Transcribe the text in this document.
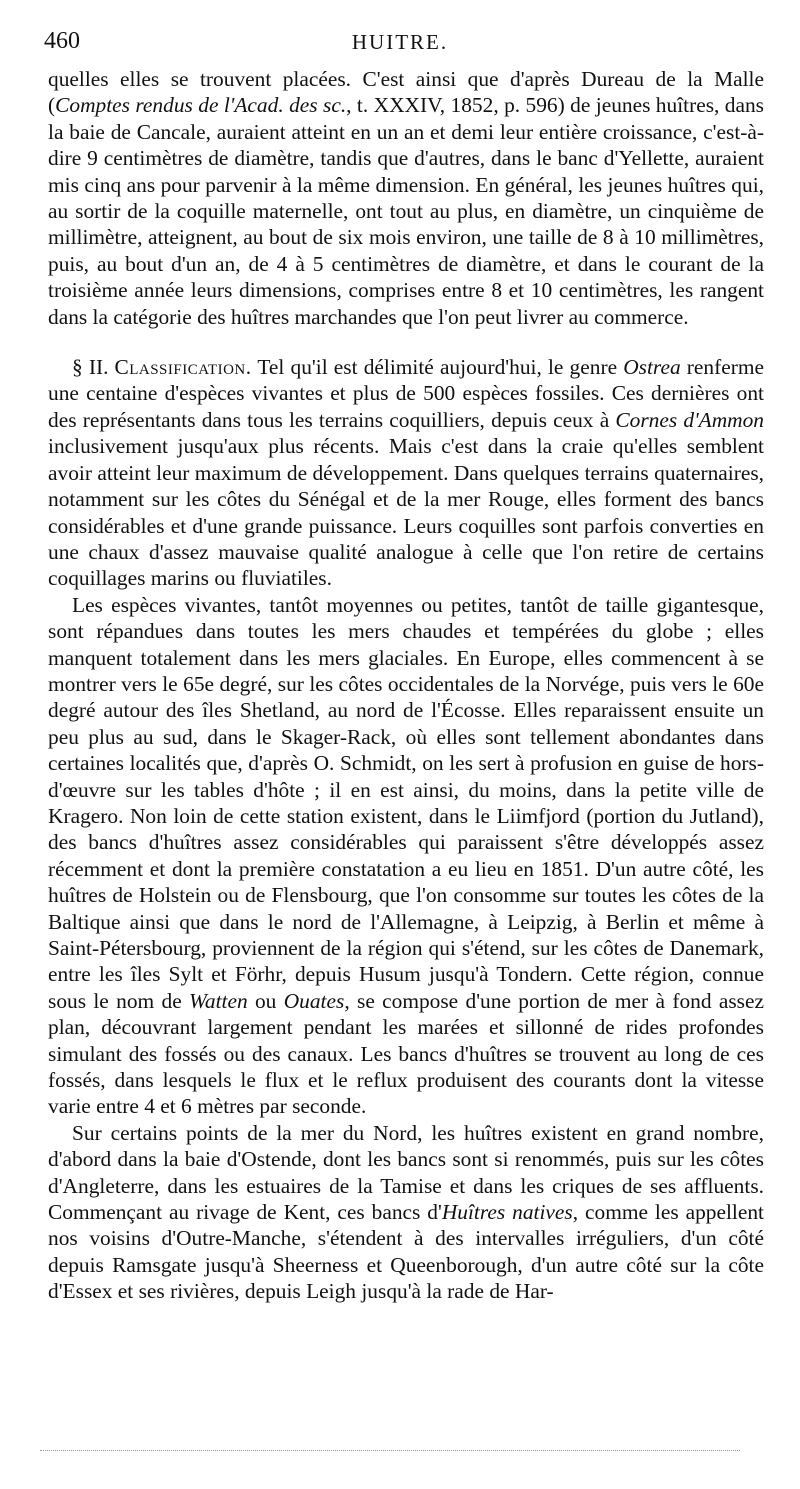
460	HUITRE.

quelles elles se trouvent placées. C'est ainsi que d'après Dureau de la Malle (Comptes rendus de l'Acad. des sc., t. XXXIV, 1852, p. 596) de jeunes huîtres, dans la baie de Cancale, auraient atteint en un an et demi leur entière croissance, c'est-à-dire 9 centimètres de diamètre, tandis que d'autres, dans le banc d'Yellette, auraient mis cinq ans pour parvenir à la même dimension. En général, les jeunes huîtres qui, au sortir de la coquille maternelle, ont tout au plus, en diamètre, un cinquième de millimètre, atteignent, au bout de six mois environ, une taille de 8 à 10 millimètres, puis, au bout d'un an, de 4 à 5 centimètres de diamètre, et dans le courant de la troisième année leurs dimensions, comprises entre 8 et 10 centimètres, les rangent dans la catégorie des huîtres marchandes que l'on peut livrer au commerce.

§ II. Classification. Tel qu'il est délimité aujourd'hui, le genre Ostrea renferme une centaine d'espèces vivantes et plus de 500 espèces fossiles. Ces dernières ont des représentants dans tous les terrains coquilliers, depuis ceux à Cornes d'Ammon inclusivement jusqu'aux plus récents. Mais c'est dans la craie qu'elles semblent avoir atteint leur maximum de développement. Dans quelques terrains quaternaires, notamment sur les côtes du Sénégal et de la mer Rouge, elles forment des bancs considérables et d'une grande puissance. Leurs coquilles sont parfois converties en une chaux d'assez mauvaise qualité analogue à celle que l'on retire de certains coquillages marins ou fluviatiles.

Les espèces vivantes, tantôt moyennes ou petites, tantôt de taille gigantesque, sont répandues dans toutes les mers chaudes et tempérées du globe ; elles manquent totalement dans les mers glaciales. En Europe, elles commencent à se montrer vers le 65e degré, sur les côtes occidentales de la Norvége, puis vers le 60e degré autour des îles Shetland, au nord de l'Écosse. Elles reparaissent ensuite un peu plus au sud, dans le Skager-Rack, où elles sont tellement abondantes dans certaines localités que, d'après O. Schmidt, on les sert à profusion en guise de hors-d'œuvre sur les tables d'hôte ; il en est ainsi, du moins, dans la petite ville de Kragero. Non loin de cette station existent, dans le Liimfjord (portion du Jutland), des bancs d'huîtres assez considérables qui paraissent s'être développés assez récemment et dont la première constatation a eu lieu en 1851. D'un autre côté, les huîtres de Holstein ou de Flensbourg, que l'on consomme sur toutes les côtes de la Baltique ainsi que dans le nord de l'Allemagne, à Leipzig, à Berlin et même à Saint-Pétersbourg, proviennent de la région qui s'étend, sur les côtes de Danemark, entre les îles Sylt et Förhr, depuis Husum jusqu'à Tondern. Cette région, connue sous le nom de Watten ou Ouates, se compose d'une portion de mer à fond assez plan, découvrant largement pendant les marées et sillonné de rides profondes simulant des fossés ou des canaux. Les bancs d'huîtres se trouvent au long de ces fossés, dans lesquels le flux et le reflux produisent des courants dont la vitesse varie entre 4 et 6 mètres par seconde.

Sur certains points de la mer du Nord, les huîtres existent en grand nombre, d'abord dans la baie d'Ostende, dont les bancs sont si renommés, puis sur les côtes d'Angleterre, dans les estuaires de la Tamise et dans les criques de ses affluents. Commençant au rivage de Kent, ces bancs d'Huîtres natives, comme les appellent nos voisins d'Outre-Manche, s'étendent à des intervalles irréguliers, d'un côté depuis Ramsgate jusqu'à Sheerness et Queenborough, d'un autre côté sur la côte d'Essex et ses rivières, depuis Leigh jusqu'à la rade de Har-
